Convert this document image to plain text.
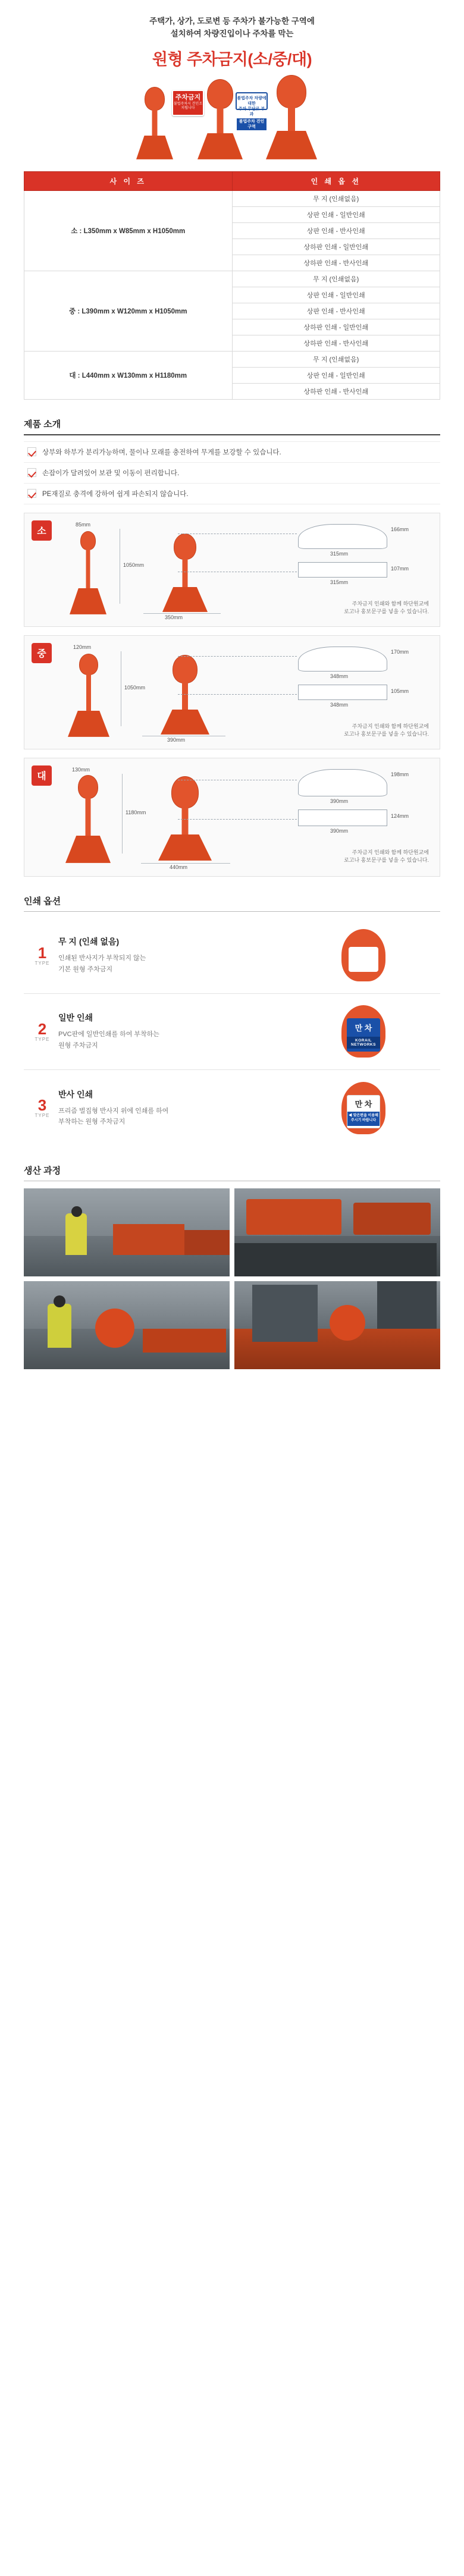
주택가, 상가, 도로변 등 주차가 불가능한 구역에
설치하여 차량진입이나 주차를 막는
원형 주차금지(소/중/대)
주차금지
불법주차시 견인조치됩니다
불법주차 차량에대한
주차 무단료 부과
불법주차 견인 구역
사 이 즈	인 쇄 옵 션
소 : L350mm x W85mm x H1050mm	무 지 (인쇄없음)
	상판 인쇄 - 일반인쇄
	상판 인쇄 - 반사인쇄
	상하판 인쇄 - 일반인쇄
	상하판 인쇄 - 반사인쇄
중 : L390mm x W120mm x H1050mm	무 지 (인쇄없음)
	상판 인쇄 - 일반인쇄
	상판 인쇄 - 반사인쇄
	상하판 인쇄 - 일반인쇄
	상하판 인쇄 - 반사인쇄
대 : L440mm x W130mm x H1180mm	무 지 (인쇄없음)
	상판 인쇄 - 일반인쇄
	상하판 인쇄 - 반사인쇄
제품 소개
상부와 하부가 분리가능하며, 물이나 모래를 충전하여 무게를 보강할 수 있습니다.
손잡이가 달려있어 보관 및 이동이 편리합니다.
PE재질로 충격에 강하여 쉽게 파손되지 않습니다.
소
85mm
1050mm
350mm
166mm
315mm
107mm
315mm
주차금지 인쇄와 함께 하단원교에
로고나 홍보문구를 넣을 수 있습니다.
중
120mm
1050mm
390mm
170mm
348mm
105mm
348mm
주차금지 인쇄와 함께 하단원교에
로고나 홍보문구를 넣을 수 있습니다.
대
130mm
1180mm
440mm
198mm
390mm
124mm
390mm
주차금지 인쇄와 함께 하단원교에
로고나 홍보문구를 넣을 수 있습니다.
인쇄 옵션
1
TYPE
무 지 (인쇄 없음)
인쇄된 반사지가 부착되지 않는
기본 원형 주차금지
2
TYPE
일반 인쇄
PVC판에 일반인쇄를 하여 부착하는
원형 주차금지
만 차
KORAIL NETWORKS
3
TYPE
반사 인쇄
프리즘 벌집형 반사지 위에 인쇄를 하여
부착하는 원형 주차금지
만 차
◀ 맞은편을 이용해
주시기 바랍니다
생산 과정
